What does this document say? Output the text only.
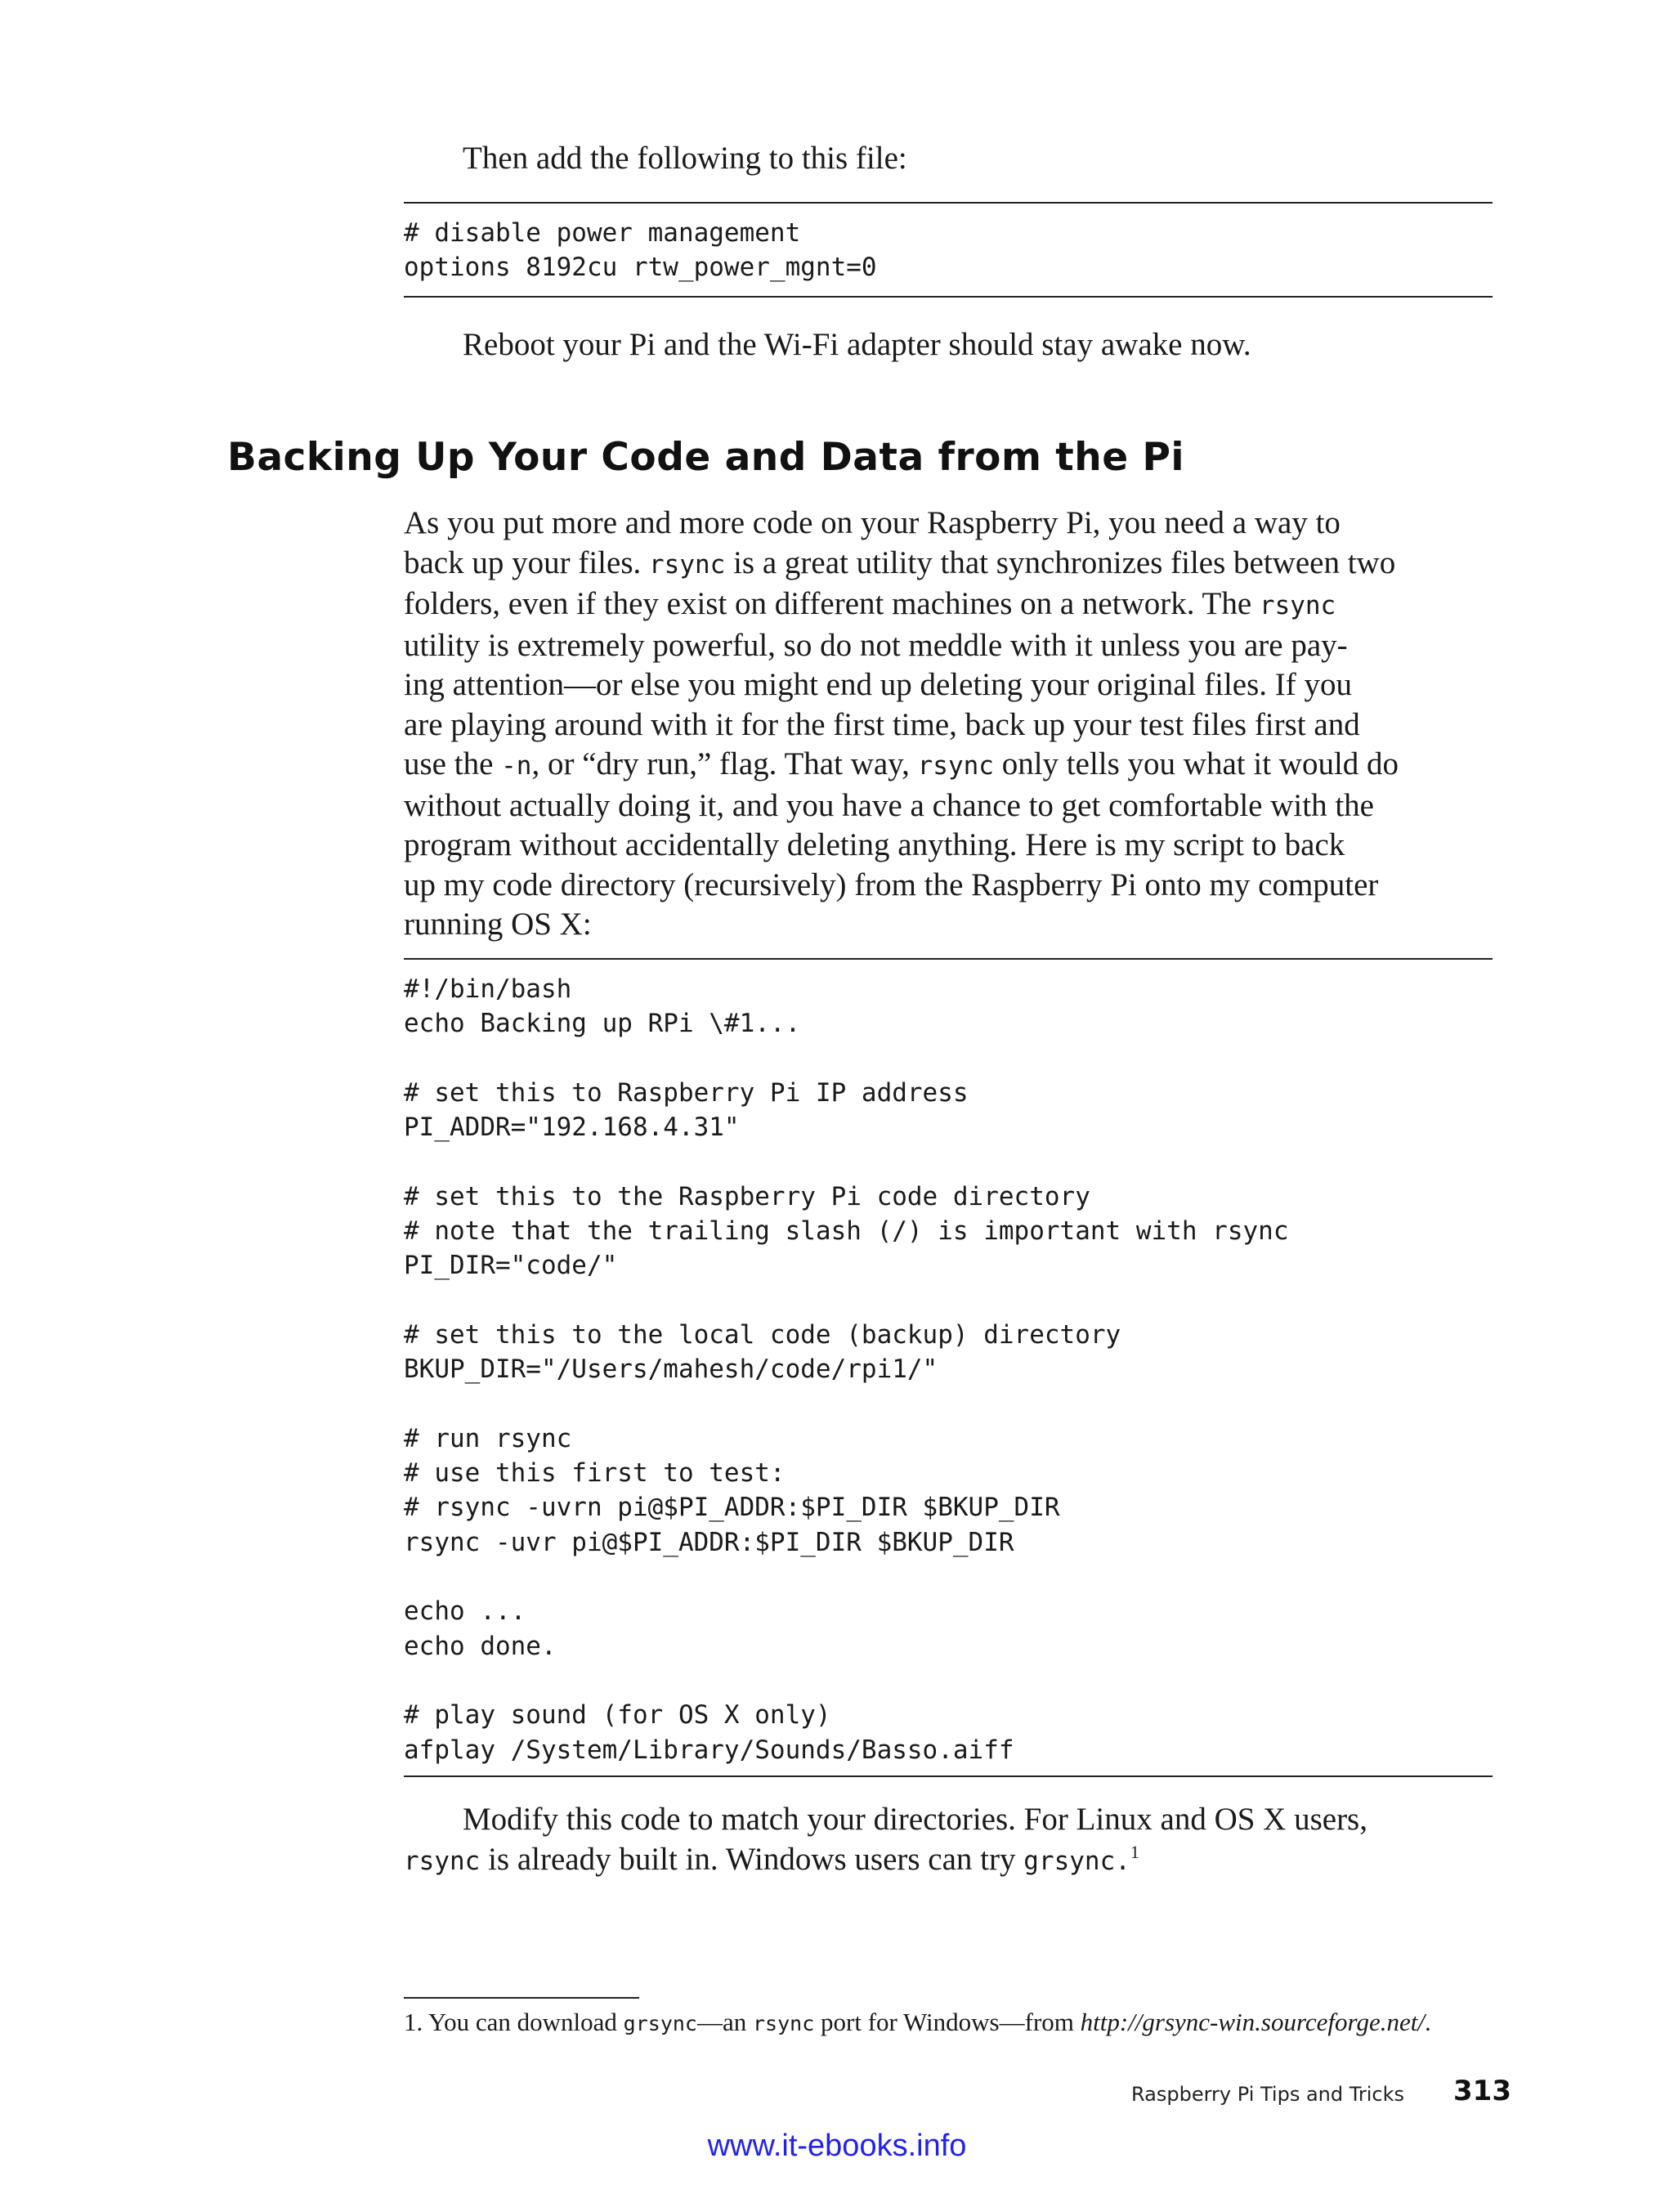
Then add the following to this file:

# disable power management
options 8192cu rtw_power_mgnt=0

Reboot your Pi and the Wi-Fi adapter should stay awake now.

Backing Up Your Code and Data from the Pi

As you put more and more code on your Raspberry Pi, you need a way to

back up your files. rsync is a great utility that synchronizes files between two

folders, even if they exist on different machines on a network. The rsync

utility is extremely powerful, so do not meddle with it unless you are pay-

ing attention—or else you might end up deleting your original files. If you

are playing around with it for the first time, back up your test files first and

use the -n, or “dry run,” flag. That way, rsync only tells you what it would do

without actually doing it, and you have a chance to get comfortable with the

program without accidentally deleting anything. Here is my script to back

up my code directory (recursively) from the Raspberry Pi onto my computer

running OS X:

#!/bin/bash
echo Backing up RPi \#1...

# set this to Raspberry Pi IP address
PI_ADDR="192.168.4.31"

# set this to the Raspberry Pi code directory
# note that the trailing slash (/) is important with rsync
PI_DIR="code/"

# set this to the local code (backup) directory
BKUP_DIR="/Users/mahesh/code/rpi1/"

# run rsync
# use this first to test:
# rsync -uvrn pi@$PI_ADDR:$PI_DIR $BKUP_DIR
rsync -uvr pi@$PI_ADDR:$PI_DIR $BKUP_DIR

echo ...
echo done.

# play sound (for OS X only)
afplay /System/Library/Sounds/Basso.aiff

Modify this code to match your directories. For Linux and OS X users,

rsync is already built in. Windows users can try grsync.$^1$

1. You can download grsync—an rsync port for Windows—from http://grsync-win.sourceforge.net/.

Raspberry Pi Tips and Tricks 313
www.it-ebooks.info
